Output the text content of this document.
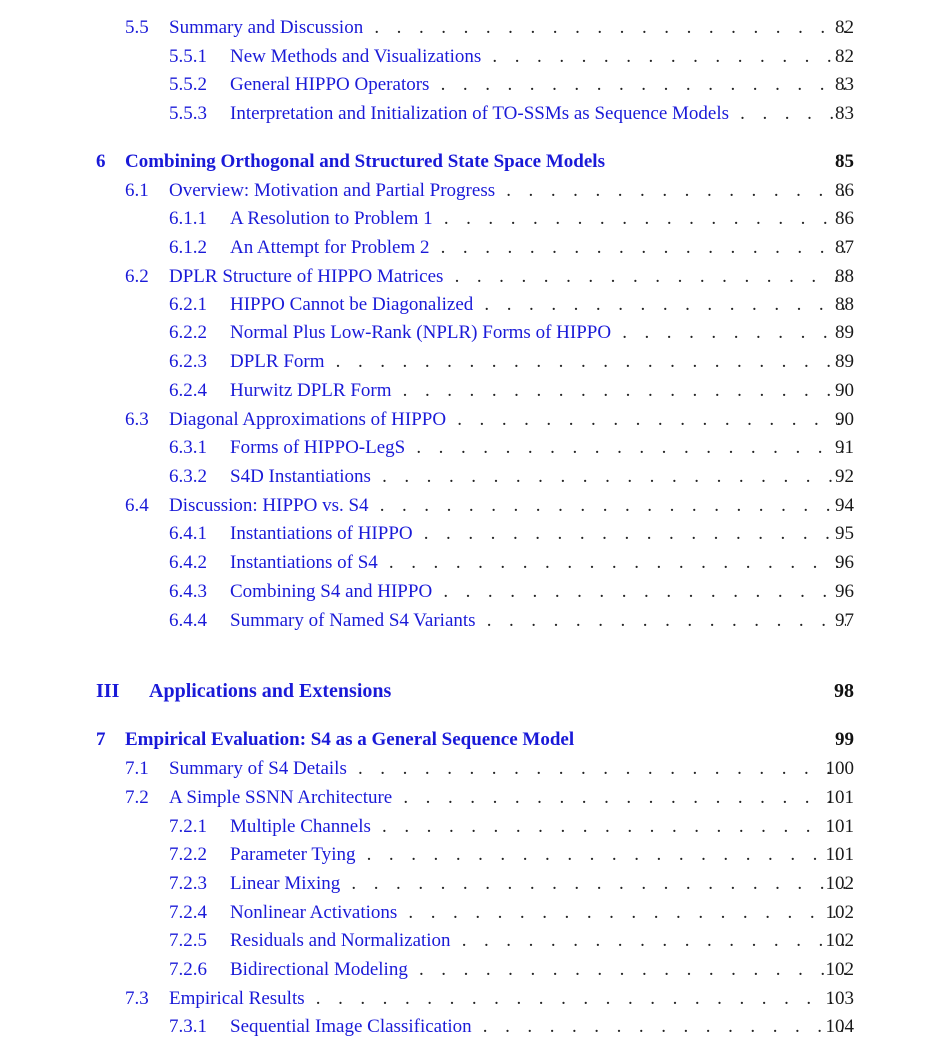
5.5 Summary and Discussion . . .	82
5.5.1 New Methods and Visualizations . . .	82
5.5.2 General HIPPO Operators . . .	83
5.5.3 Interpretation and Initialization of TO-SSMs as Sequence Models . . .	83
6 Combining Orthogonal and Structured State Space Models	85
6.1 Overview: Motivation and Partial Progress . . .	86
6.1.1 A Resolution to Problem 1 . . .	86
6.1.2 An Attempt for Problem 2 . . .	87
6.2 DPLR Structure of HIPPO Matrices . . .	88
6.2.1 HIPPO Cannot be Diagonalized . . .	88
6.2.2 Normal Plus Low-Rank (NPLR) Forms of HIPPO . . .	89
6.2.3 DPLR Form . . .	89
6.2.4 Hurwitz DPLR Form . . .	90
6.3 Diagonal Approximations of HIPPO . . .	90
6.3.1 Forms of HIPPO-LegS . . .	91
6.3.2 S4D Instantiations . . .	92
6.4 Discussion: HIPPO vs. S4 . . .	94
6.4.1 Instantiations of HIPPO . . .	95
6.4.2 Instantiations of S4 . . .	96
6.4.3 Combining S4 and HIPPO . . .	96
6.4.4 Summary of Named S4 Variants . . .	97
III Applications and Extensions	98
7 Empirical Evaluation: S4 as a General Sequence Model	99
7.1 Summary of S4 Details . . .	100
7.2 A Simple SSNN Architecture . . .	101
7.2.1 Multiple Channels . . .	101
7.2.2 Parameter Tying . . .	101
7.2.3 Linear Mixing . . .	102
7.2.4 Nonlinear Activations . . .	102
7.2.5 Residuals and Normalization . . .	102
7.2.6 Bidirectional Modeling . . .	102
7.3 Empirical Results . . .	103
7.3.1 Sequential Image Classification . . .	104
